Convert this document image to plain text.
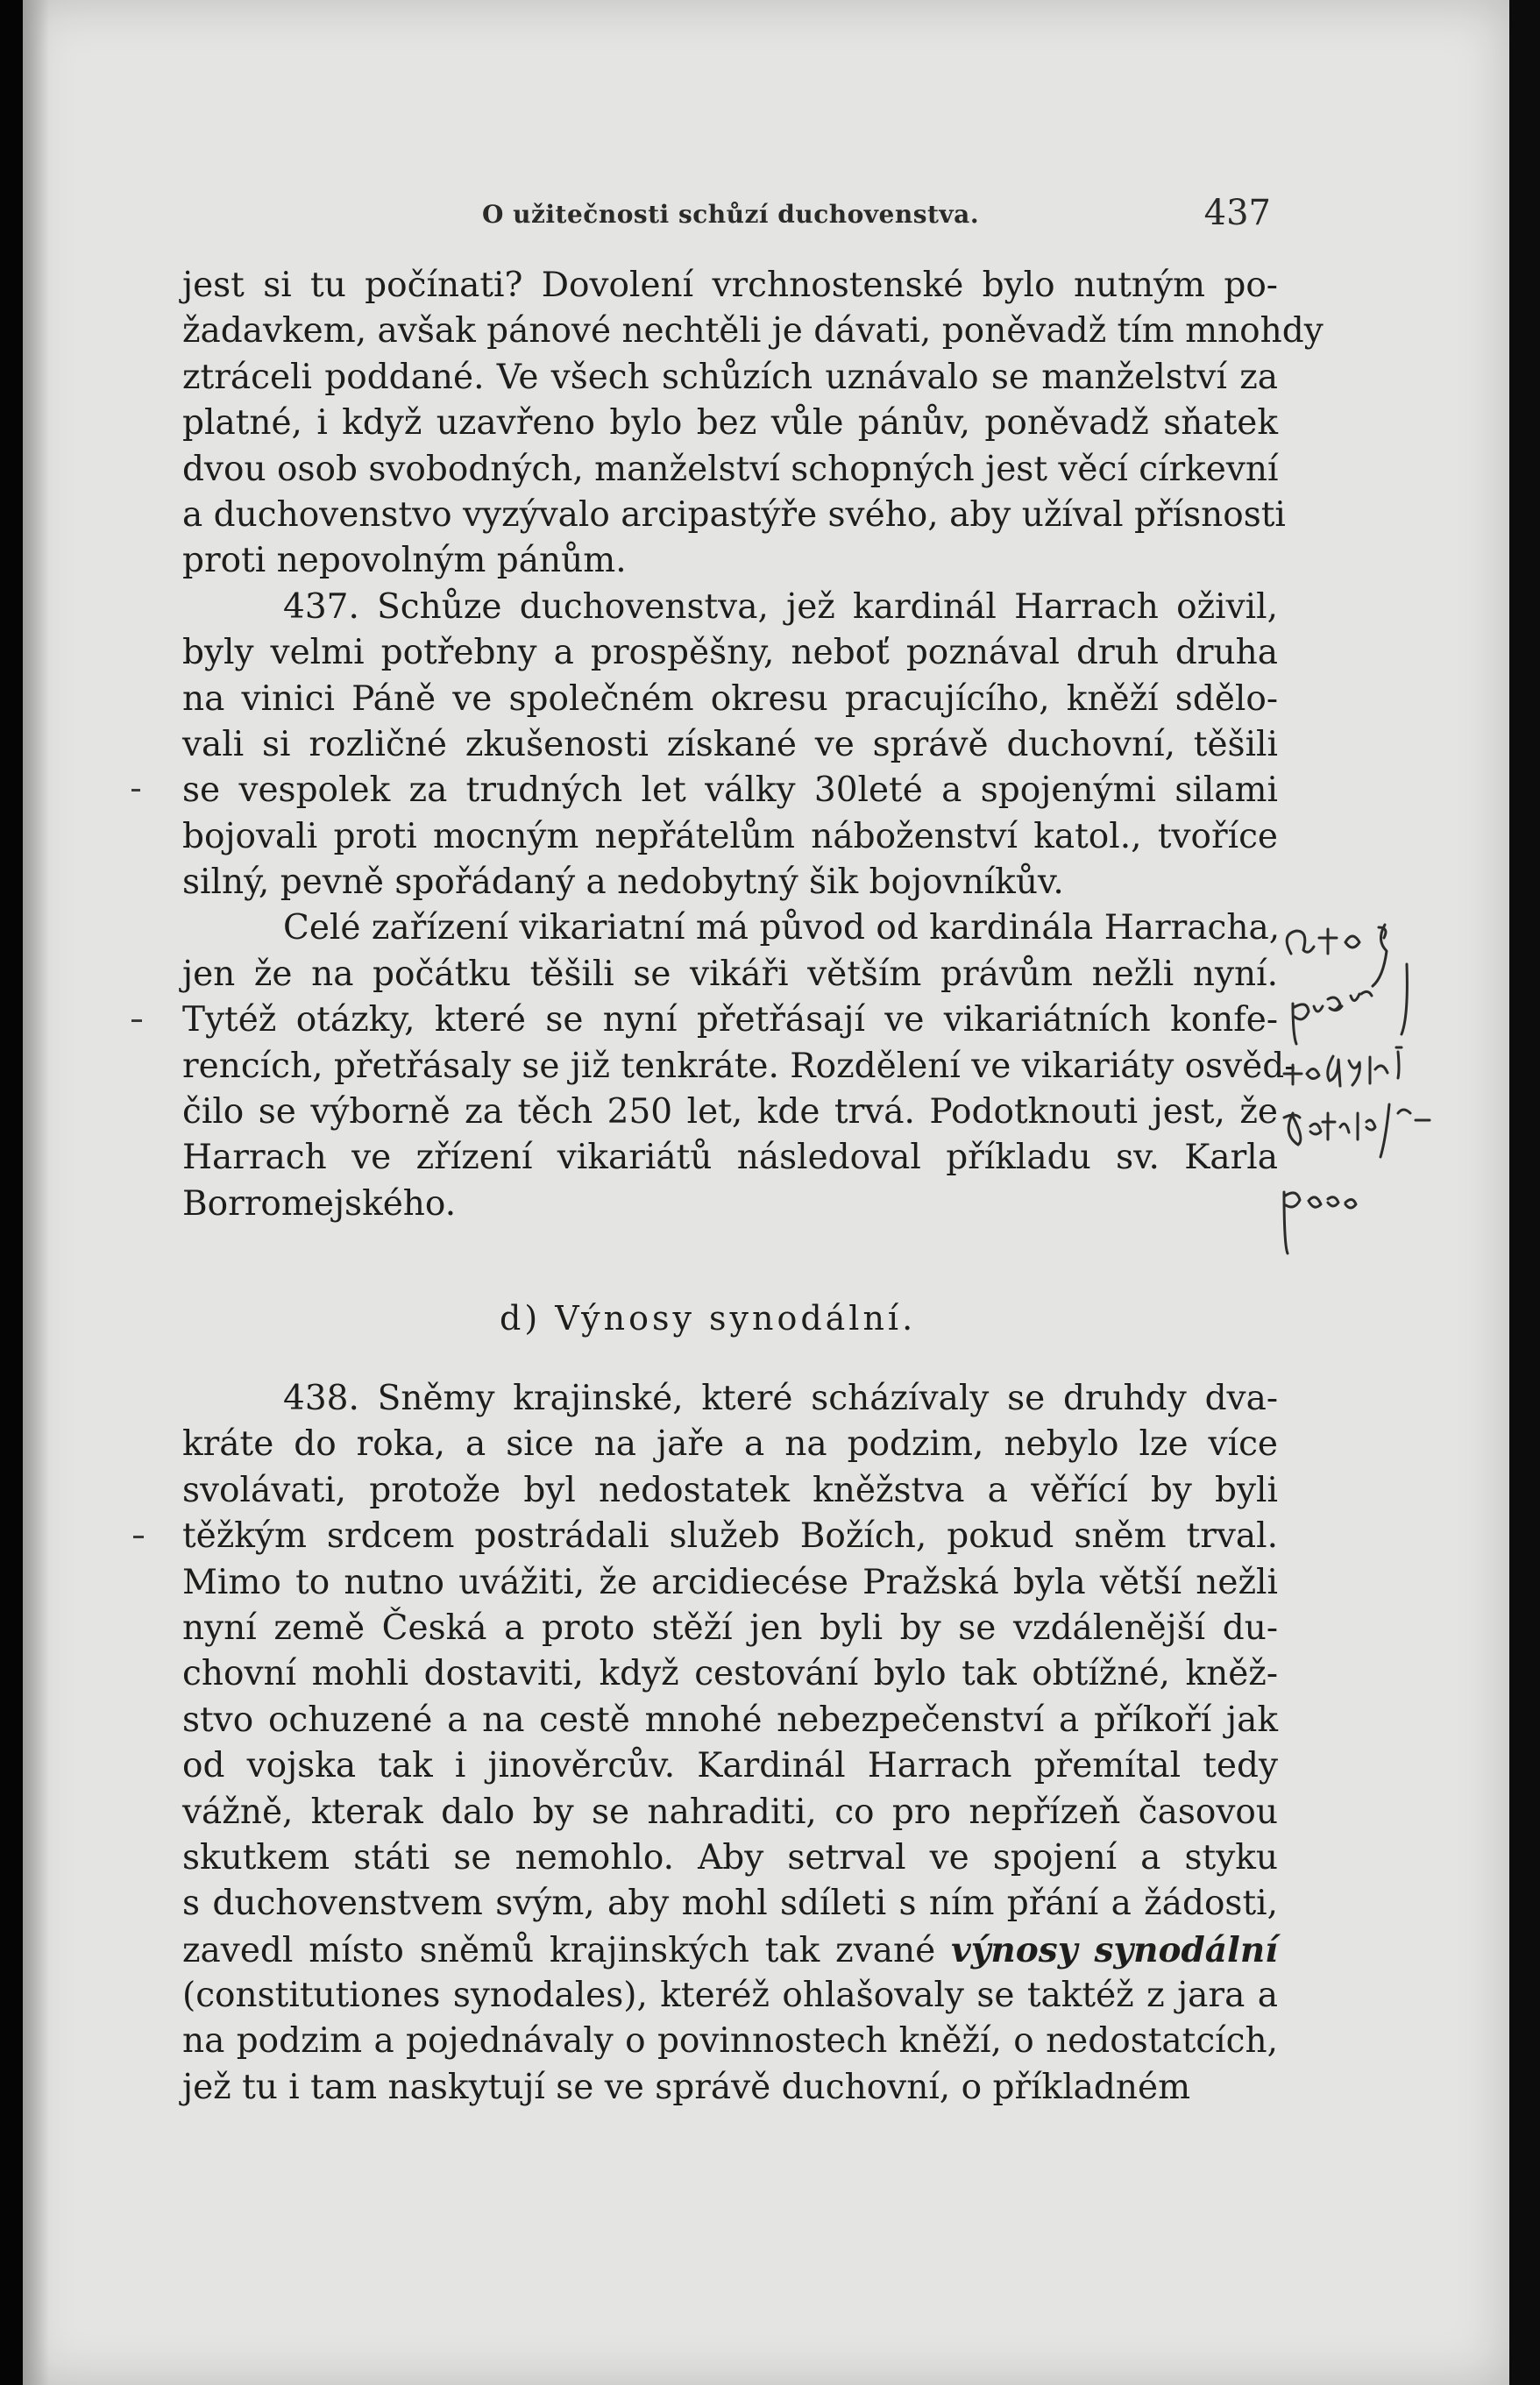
O užitečnosti schůzí duchovenstva.	437
jest si tu počínati? Dovolení vrchnostenské bylo nutným po-
žadavkem, avšak pánové nechtěli je dávati, poněvadž tím mnohdy
ztráceli poddané. Ve všech schůzích uznávalo se manželství za
platné, i když uzavřeno bylo bez vůle pánův, poněvadž sňatek
dvou osob svobodných, manželství schopných jest věcí církevní
a duchovenstvo vyzývalo arcipastýře svého, aby užíval přísnosti
proti nepovolným pánům.
437. Schůze duchovenstva, jež kardinál Harrach oživil,
byly velmi potřebny a prospěšny, neboť poznával druh druha
na vinici Páně ve společném okresu pracujícího, kněží sdělo-
vali si rozličné zkušenosti získané ve správě duchovní, těšili
se vespolek za trudných let války 30leté a spojenými silami
bojovali proti mocným nepřátelům náboženství katol., tvoříce
silný, pevně spořádaný a nedobytný šik bojovníkův.
Celé zařízení vikariatní má původ od kardinála Harracha,
jen že na počátku těšili se vikáři větším právům nežli nyní.
Tytéž otázky, které se nyní přetřásají ve vikariátních konfe-
rencích, přetřásaly se již tenkráte. Rozdělení ve vikariáty osvěd-
čilo se výborně za těch 250 let, kde trvá. Podotknouti jest, že
Harrach ve zřízení vikariátů následoval příkladu sv. Karla
Borromejského.
d) Výnosy synodální.
438. Sněmy krajinské, které scházívaly se druhdy dva-
kráte do roka, a sice na jaře a na podzim, nebylo lze více
svolávati, protože byl nedostatek kněžstva a věřící by byli
těžkým srdcem postrádali služeb Božích, pokud sněm trval.
Mimo to nutno uvážiti, že arcidiecése Pražská byla větší nežli
nyní země Česká a proto stěží jen byli by se vzdálenější du-
chovní mohli dostaviti, když cestování bylo tak obtížné, kněž-
stvo ochuzené a na cestě mnohé nebezpečenství a příkoří jak
od vojska tak i jinověrcův. Kardinál Harrach přemítal tedy
vážně, kterak dalo by se nahraditi, co pro nepřízeň časovou
skutkem státi se nemohlo. Aby setrval ve spojení a styku
s duchovenstvem svým, aby mohl sdíleti s ním přání a žádosti,
zavedl místo sněmů krajinských tak zvané výnosy synodální
(constitutiones synodales), kteréž ohlašovaly se taktéž z jara a
na podzim a pojednávaly o povinnostech kněží, o nedostatcích,
jež tu i tam naskytují se ve správě duchovní, o příkladném
